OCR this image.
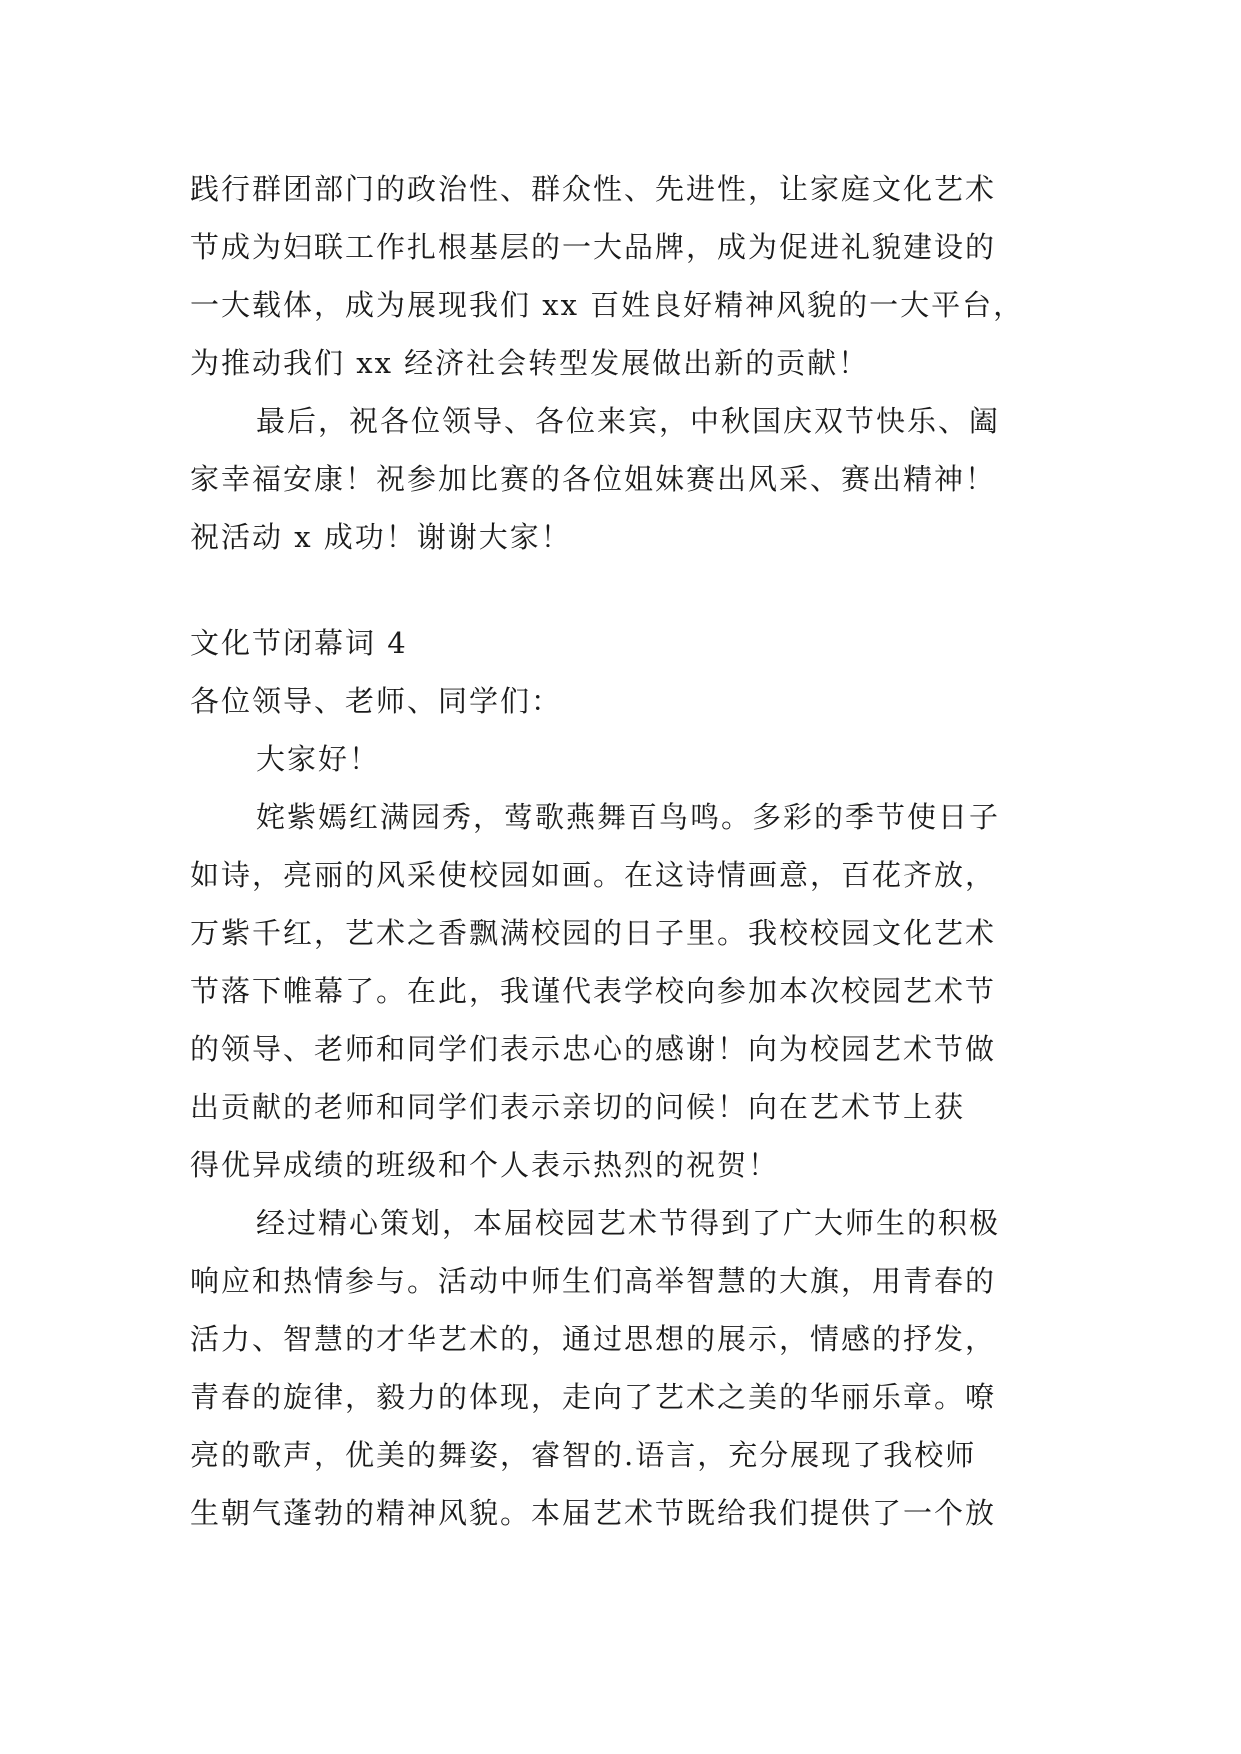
践行群团部门的政治性、群众性、先进性，让家庭文化艺术
节成为妇联工作扎根基层的一大品牌，成为促进礼貌建设的
一大载体，成为展现我们 xx 百姓良好精神风貌的一大平台，
为推动我们 xx 经济社会转型发展做出新的贡献！
最后，祝各位领导、各位来宾，中秋国庆双节快乐、阖
家幸福安康！祝参加比赛的各位姐妹赛出风采、赛出精神！
祝活动 x 成功！谢谢大家！
文化节闭幕词 4
各位领导、老师、同学们：
大家好！
姹紫嫣红满园秀，莺歌燕舞百鸟鸣。多彩的季节使日子
如诗，亮丽的风采使校园如画。在这诗情画意，百花齐放，
万紫千红，艺术之香飘满校园的日子里。我校校园文化艺术
节落下帷幕了。在此，我谨代表学校向参加本次校园艺术节
的领导、老师和同学们表示忠心的感谢！向为校园艺术节做
出贡献的老师和同学们表示亲切的问候！向在艺术节上获
得优异成绩的班级和个人表示热烈的祝贺！
经过精心策划，本届校园艺术节得到了广大师生的积极
响应和热情参与。活动中师生们高举智慧的大旗，用青春的
活力、智慧的才华艺术的，通过思想的展示，情感的抒发，
青春的旋律，毅力的体现，走向了艺术之美的华丽乐章。嘹
亮的歌声，优美的舞姿，睿智的.语言，充分展现了我校师
生朝气蓬勃的精神风貌。本届艺术节既给我们提供了一个放
